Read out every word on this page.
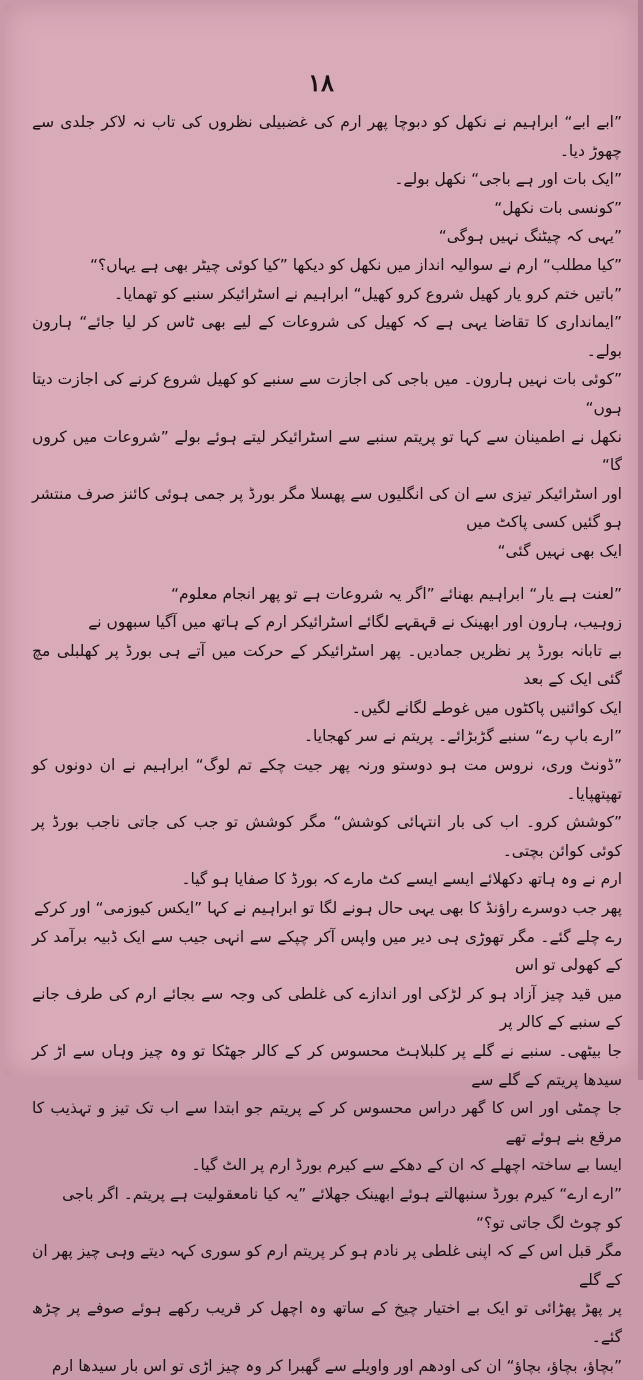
١٨

”ابے ابے“ ابراہیم نے نکھل کو دبوچا پھر ارم کی غضبیلی نظروں کی تاب نہ لاکر جلدی سے چھوڑ دیا۔

”ایک بات اور ہے باجی“ نکھل بولے۔

”کونسی بات نکھل“

”یہی کہ چیٹنگ نہیں ہوگی“

”کیا مطلب“ ارم نے سوالیہ انداز میں نکھل کو دیکھا ”کیا کوئی چیٹر بھی ہے یہاں؟“

”باتیں ختم کرو یار کھیل شروع کرو کھیل“ ابراہیم نے اسٹرائیکر سنبے کو تھمایا۔

”ایمانداری کا تقاضا یہی ہے کہ کھیل کی شروعات کے لیے بھی ٹاس کر لیا جائے“ ہارون بولے۔

”کوئی بات نہیں ہارون۔ میں باجی کی اجازت سے سنبے کو کھیل شروع کرنے کی اجازت دیتا ہوں“

نکھل نے اطمینان سے کہا تو پریتم سنبے سے اسٹرائیکر لیتے ہوئے بولے ”شروعات میں کروں گا“

اور اسٹرائیکر تیزی سے ان کی انگلیوں سے پھسلا مگر بورڈ پر جمی ہوئی کائنز صرف منتشر ہو گئیں کسی پاکٹ میں

ایک بھی نہیں گئی“

”لعنت ہے یار“ ابراہیم بھنائے ”اگر یہ شروعات ہے تو پھر انجام معلوم“

زوہیب، ہارون اور ابھینک نے قہقہے لگائے اسٹرائیکر ارم کے ہاتھ میں آگیا سبھوں نے

بے تابانہ بورڈ پر نظریں جمادیں۔ پھر اسٹرائیکر کے حرکت میں آتے ہی بورڈ پر کھلبلی مچ گئی ایک کے بعد

ایک کوائنیں پاکٹوں میں غوطے لگانے لگیں۔

”ارے باپ رے“ سنبے گڑبڑائے۔ پریتم نے سر کھجایا۔

”ڈونٹ وری، نروس مت ہو دوستو ورنہ پھر جیت چکے تم لوگ“ ابراہیم نے ان دونوں کو تھپتھپایا۔

”کوشش کرو۔ اب کی بار انتہائی کوشش“ مگر کوشش تو جب کی جاتی ناجب بورڈ پر کوئی کوائن بچتی۔

ارم نے وہ ہاتھ دکھلائے ایسے ایسے کٹ مارے کہ بورڈ کا صفایا ہو گیا۔

پھر جب دوسرے راؤنڈ کا بھی یہی حال ہونے لگا تو ابراہیم نے کہا ”ایکس کیوزمی“ اور کرکے

رے چلے گئے۔ مگر تھوڑی ہی دیر میں واپس آکر چپکے سے انہی جیب سے ایک ڈبیہ برآمد کر کے کھولی تو اس

میں قید چیز آزاد ہو کر لڑکی اور اندازے کی غلطی کی وجہ سے بجائے ارم کی طرف جانے کے سنبے کے کالر پر

جا بیٹھی۔ سنبے نے گلے پر کلبلاہٹ محسوس کر کے کالر جھٹکا تو وہ چیز وہاں سے اڑ کر سیدھا پریتم کے گلے سے

جا چمٹی اور اس کا گھر دراس محسوس کر کے پریتم جو ابتدا سے اب تک تیز و تہذیب کا مرقع بنے ہوئے تھے

ایسا بے ساختہ اچھلے کہ ان کے دھکے سے کیرم بورڈ ارم پر الٹ گیا۔

”ارے ارے“ کیرم بورڈ سنبھالتے ہوئے ابھینک جھلائے ”یہ کیا نامعقولیت ہے پریتم۔ اگر باجی

کو چوٹ لگ جاتی تو؟“

مگر قبل اس کے کہ اپنی غلطی پر نادم ہو کر پریتم ارم کو سوری کہہ دیتے وہی چیز پھر ان کے گلے

پر پھڑ پھڑائی تو ایک بے اختیار چیخ کے ساتھ وہ اچھل کر قریب رکھے ہوئے صوفے پر چڑھ گئے۔

”بچاؤ، بچاؤ، بچاؤ“ ان کی اودھم اور واویلے سے گھبرا کر وہ چیز اڑی تو اس بار سیدھا ارم
